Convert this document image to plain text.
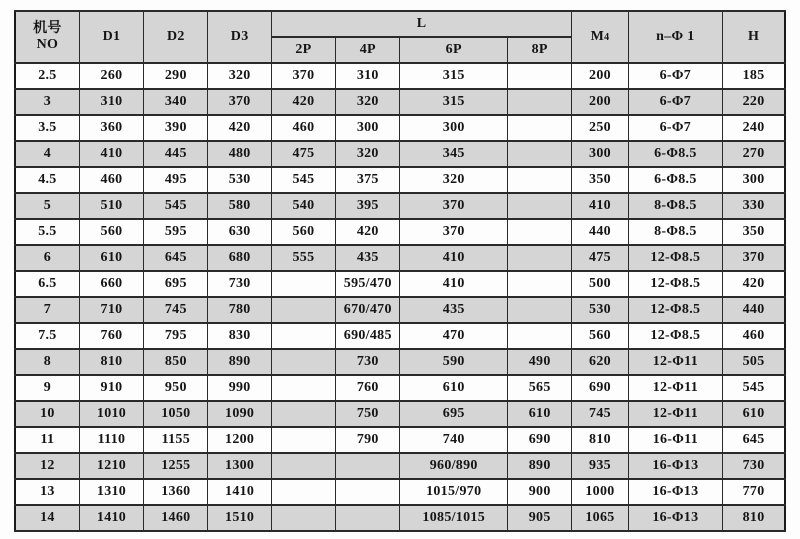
机号
NO	D1	D2	D3	L				M4	n–Φ 1	H
				2P	4P	6P	8P			
2.5	260	290	320	370	310	315		200	6-Φ7	185
3	310	340	370	420	320	315		200	6-Φ7	220
3.5	360	390	420	460	300	300		250	6-Φ7	240
4	410	445	480	475	320	345		300	6-Φ8.5	270
4.5	460	495	530	545	375	320		350	6-Φ8.5	300
5	510	545	580	540	395	370		410	8-Φ8.5	330
5.5	560	595	630	560	420	370		440	8-Φ8.5	350
6	610	645	680	555	435	410		475	12-Φ8.5	370
6.5	660	695	730		595/470	410		500	12-Φ8.5	420
7	710	745	780		670/470	435		530	12-Φ8.5	440
7.5	760	795	830		690/485	470		560	12-Φ8.5	460
8	810	850	890		730	590	490	620	12-Φ11	505
9	910	950	990		760	610	565	690	12-Φ11	545
10	1010	1050	1090		750	695	610	745	12-Φ11	610
11	1110	1155	1200		790	740	690	810	16-Φ11	645
12	1210	1255	1300			960/890	890	935	16-Φ13	730
13	1310	1360	1410			1015/970	900	1000	16-Φ13	770
14	1410	1460	1510			1085/1015	905	1065	16-Φ13	810
